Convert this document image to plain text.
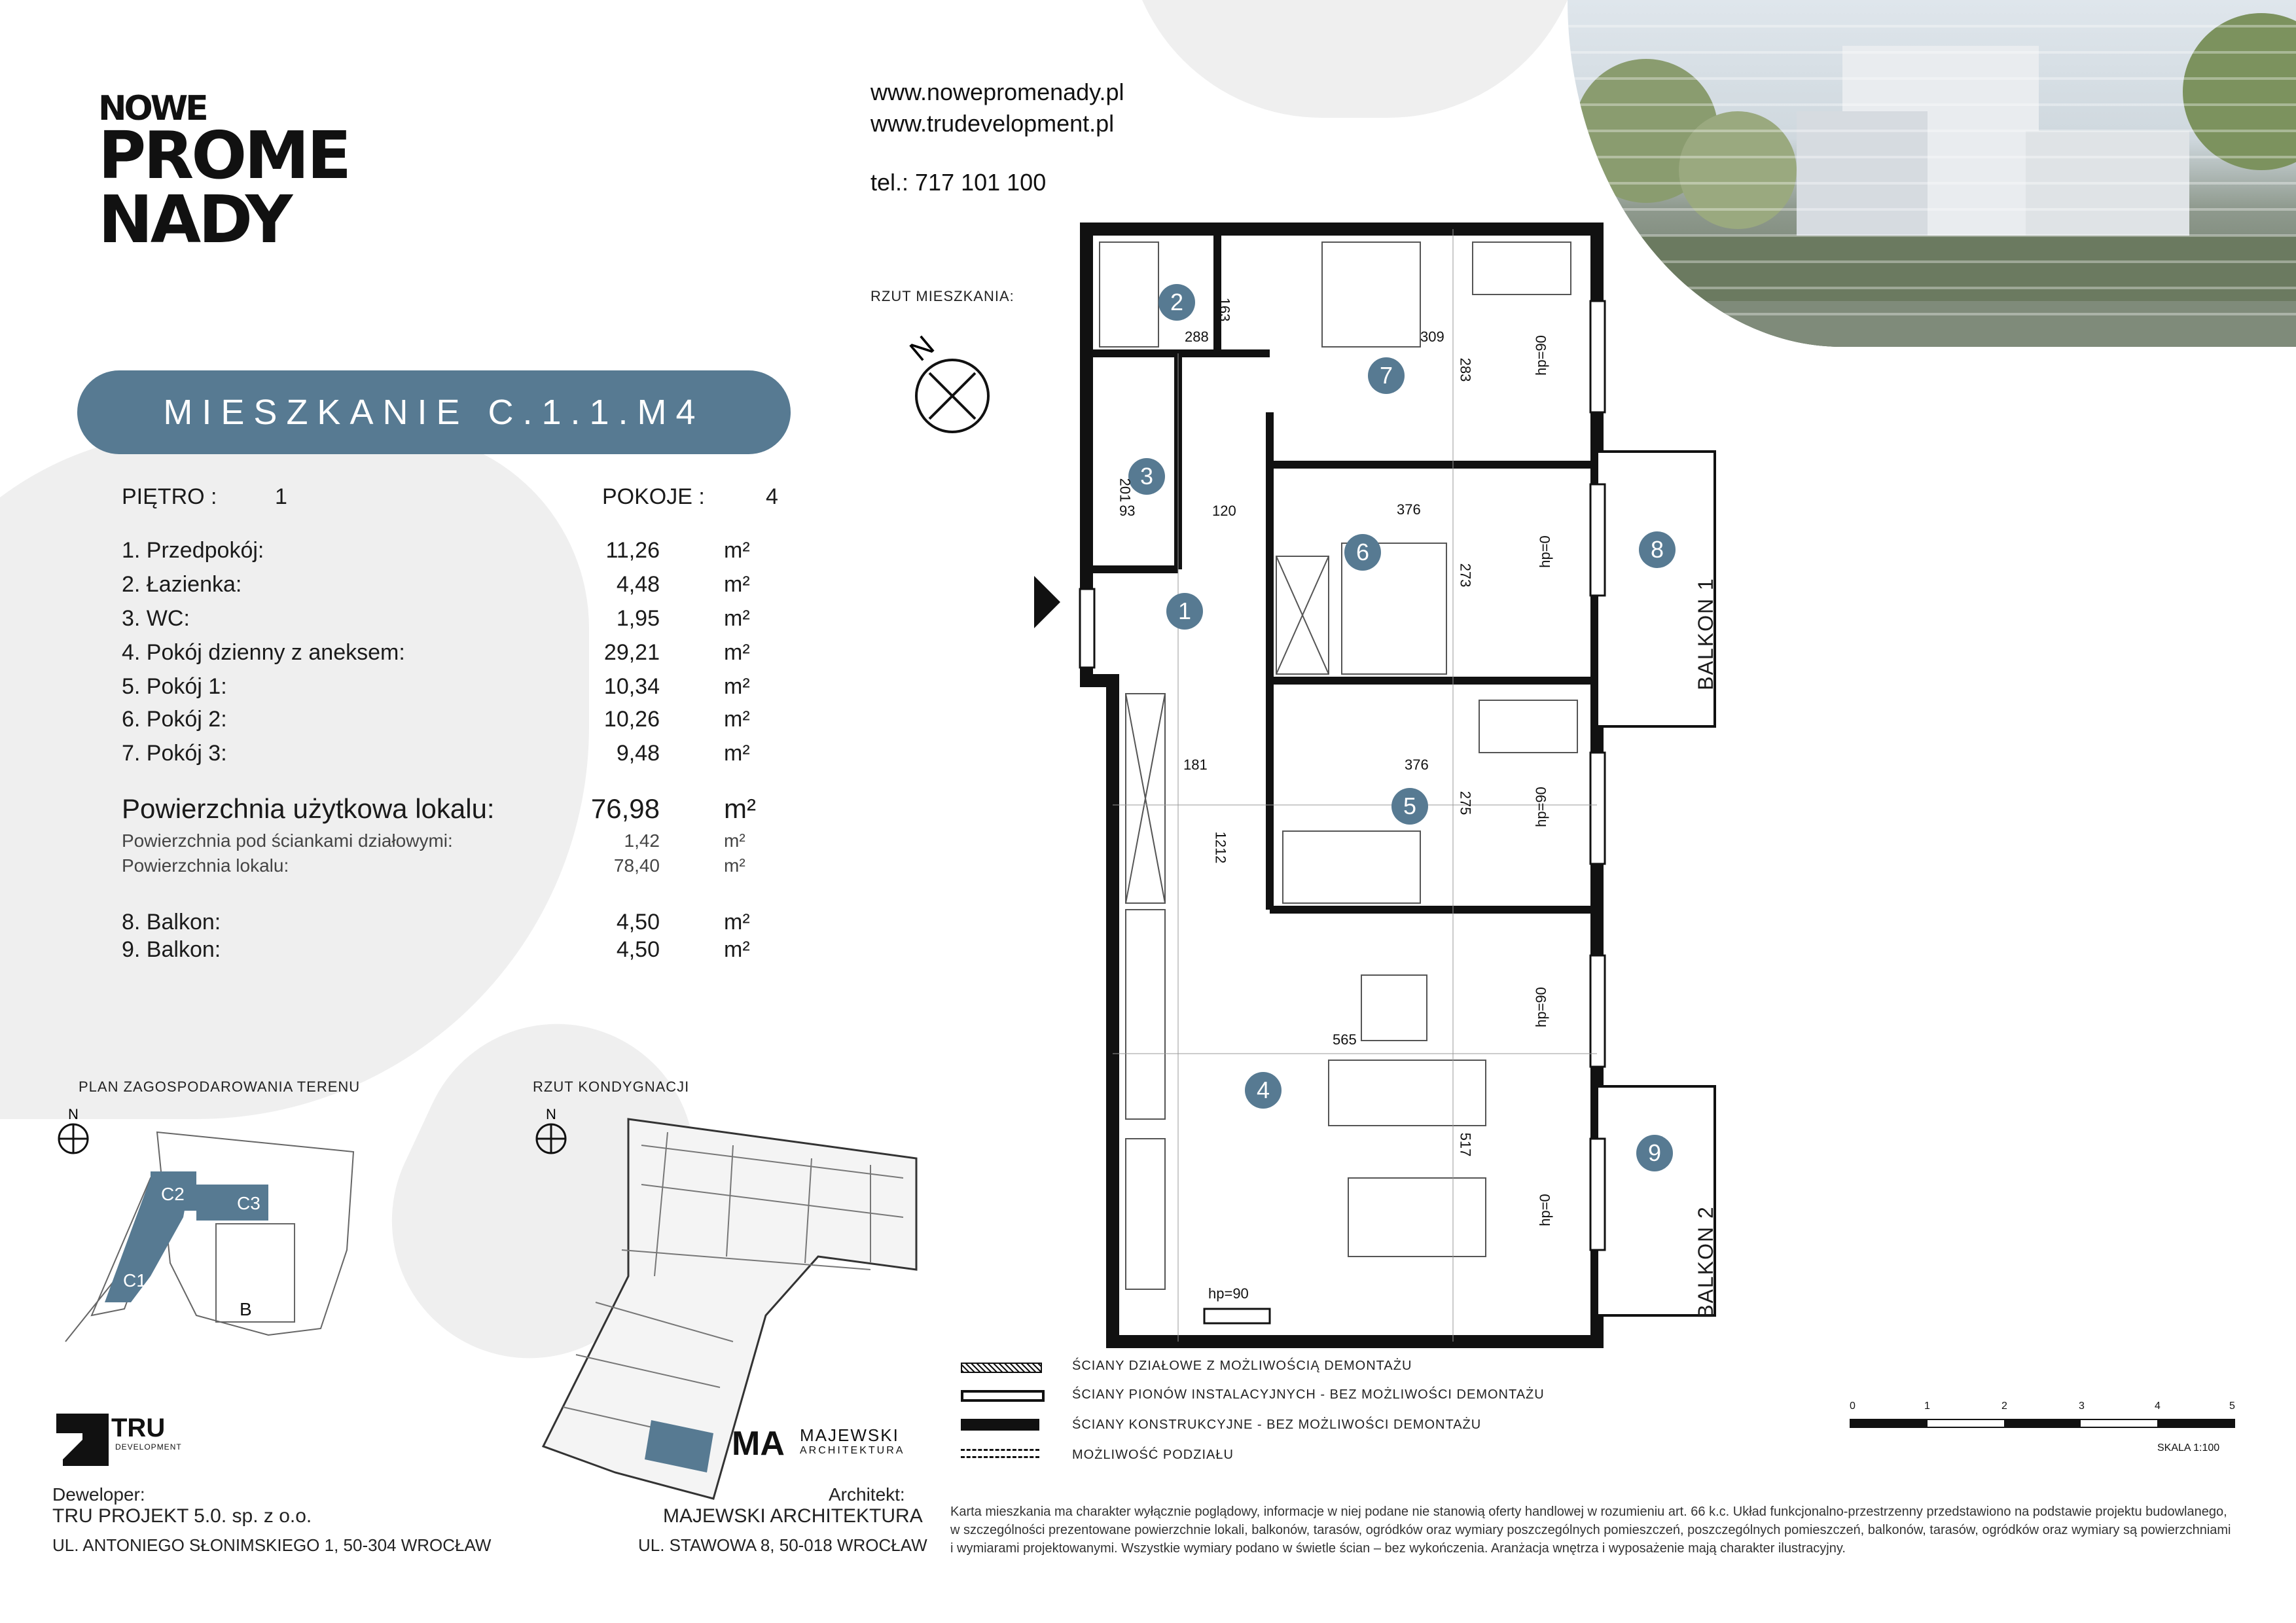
NOWE
PROME
NADY
www.nowepromenady.pl
www.trudevelopment.pl
tel.: 717 101 100
RZUT MIESZKANIA:
N
MIESZKANIE C.1.1.M4
PIĘTRO :	1	POKOJE :	4
1. Przedpokój:	11,26	m²
2. Łazienka:	4,48	m²
3. WC:	1,95	m²
4. Pokój dzienny z aneksem:	29,21	m²
5. Pokój 1:	10,34	m²
6. Pokój 2:	10,26	m²
7. Pokój 3:	9,48	m²
Powierzchnia użytkowa lokalu:	76,98 m²
Powierzchnia pod ściankami działowymi:	1,42	m²
Powierzchnia lokalu:	78,40	m²
8. Balkon:	4,50	m²
9. Balkon:	4,50	m²
PLAN ZAGOSPODAROWANIA TERENU
N
C1
C2	C3
B
RZUT KONDYGNACJI
N
TRU
DEVELOPMENT
Deweloper:
TRU PROJEKT 5.0. sp. z o.o.
UL. ANTONIEGO SŁONIMSKIEGO 1, 50-304 WROCŁAW
MA MAJEWSKI
ARCHITEKTURA
Architekt:
MAJEWSKI ARCHITEKTURA
UL. STAWOWA 8, 50-018 WROCŁAW
1
2
3
4
5
6
7
8
9
288
163
309
283
201
93	120	376
273
181	376
275
1212
565
517
hp=90
hp=0
hp=90
hp=90
hp=0
hp=90
BALKON 1
BALKON 2
ŚCIANY DZIAŁOWE Z MOŻLIWOŚCIĄ DEMONTAŻU
ŚCIANY PIONÓW INSTALACYJNYCH - BEZ MOŻLIWOŚCI DEMONTAŻU
ŚCIANY KONSTRUKCYJNE - BEZ MOŻLIWOŚCI DEMONTAŻU
MOŻLIWOŚĆ PODZIAŁU
0	1	2	3	4	5
SKALA 1:100
Karta mieszkania ma charakter wyłącznie poglądowy, informacje w niej podane nie stanowią oferty handlowej w rozumieniu art. 66 k.c. Układ funkcjonalno-przestrzenny przedstawiono na podstawie projektu budowlanego, w szczególności prezentowane powierzchnie lokali, balkonów, tarasów, ogródków oraz wymiary poszczególnych pomieszczeń, poszczególnych pomieszczeń, balkonów, tarasów, ogródków oraz wymiary są powierzchniami i wymiarami projektowanymi. Wszystkie wymiary podano w świetle ścian – bez wykończenia. Aranżacja wnętrza i wyposażenie mają charakter ilustracyjny.
